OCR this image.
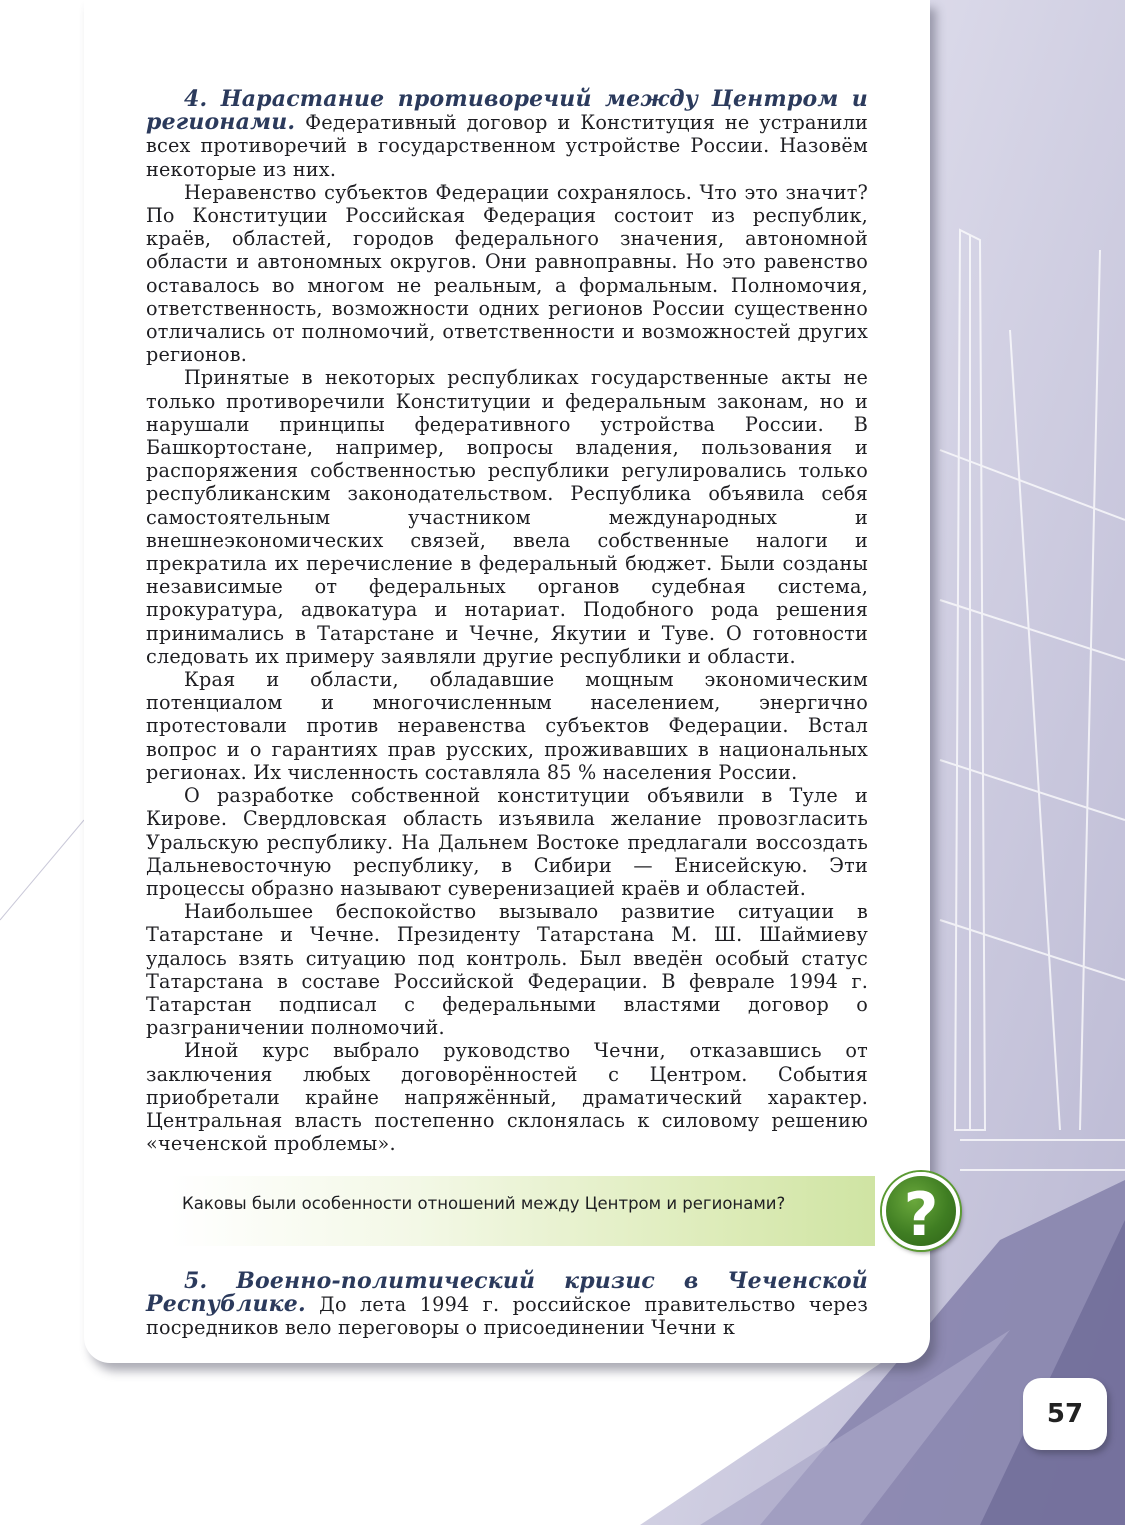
4. Нарастание противоречий между Центром и регионами. Федеративный договор и Конституция не устранили всех противоречий в государственном устройстве России. Назовём некоторые из них.

Неравенство субъектов Федерации сохранялось. Что это значит? По Конституции Российская Федерация состоит из республик, краёв, областей, городов федерального значения, автономной области и автономных округов. Они равноправны. Но это равенство оставалось во многом не реальным, а формальным. Полномочия, ответственность, возможности одних регионов России существенно отличались от полномочий, ответственности и возможностей других регионов.

Принятые в некоторых республиках государственные акты не только противоречили Конституции и федеральным законам, но и нарушали принципы федеративного устройства России. В Башкортостане, например, вопросы владения, пользования и распоряжения собственностью республики регулировались только республиканским законодательством. Республика объявила себя самостоятельным участником международных и внешнеэкономических связей, ввела собственные налоги и прекратила их перечисление в федеральный бюджет. Были созданы независимые от федеральных органов судебная система, прокуратура, адвокатура и нотариат. Подобного рода решения принимались в Татарстане и Чечне, Якутии и Туве. О готовности следовать их примеру заявляли другие республики и области.

Края и области, обладавшие мощным экономическим потенциалом и многочисленным населением, энергично протестовали против неравенства субъектов Федерации. Встал вопрос и о гарантиях прав русских, проживавших в национальных регионах. Их численность составляла 85 % населения России.

О разработке собственной конституции объявили в Туле и Кирове. Свердловская область изъявила желание провозгласить Уральскую республику. На Дальнем Востоке предлагали воссоздать Дальневосточную республику, в Сибири — Енисейскую. Эти процессы образно называют суверенизацией краёв и областей.

Наибольшее беспокойство вызывало развитие ситуации в Татарстане и Чечне. Президенту Татарстана М. Ш. Шаймиеву удалось взять ситуацию под контроль. Был введён особый статус Татарстана в составе Российской Федерации. В феврале 1994 г. Татарстан подписал с федеральными властями договор о разграничении полномочий.

Иной курс выбрало руководство Чечни, отказавшись от заключения любых договорённостей с Центром. События приобретали крайне напряжённый, драматический характер. Центральная власть постепенно склонялась к силовому решению «чеченской проблемы».

Каковы были особенности отношений между Центром и регионами?	?

5. Военно-политический кризис в Чеченской Республике. До лета 1994 г. российское правительство через посредников вело переговоры о присоединении Чечни к

57
